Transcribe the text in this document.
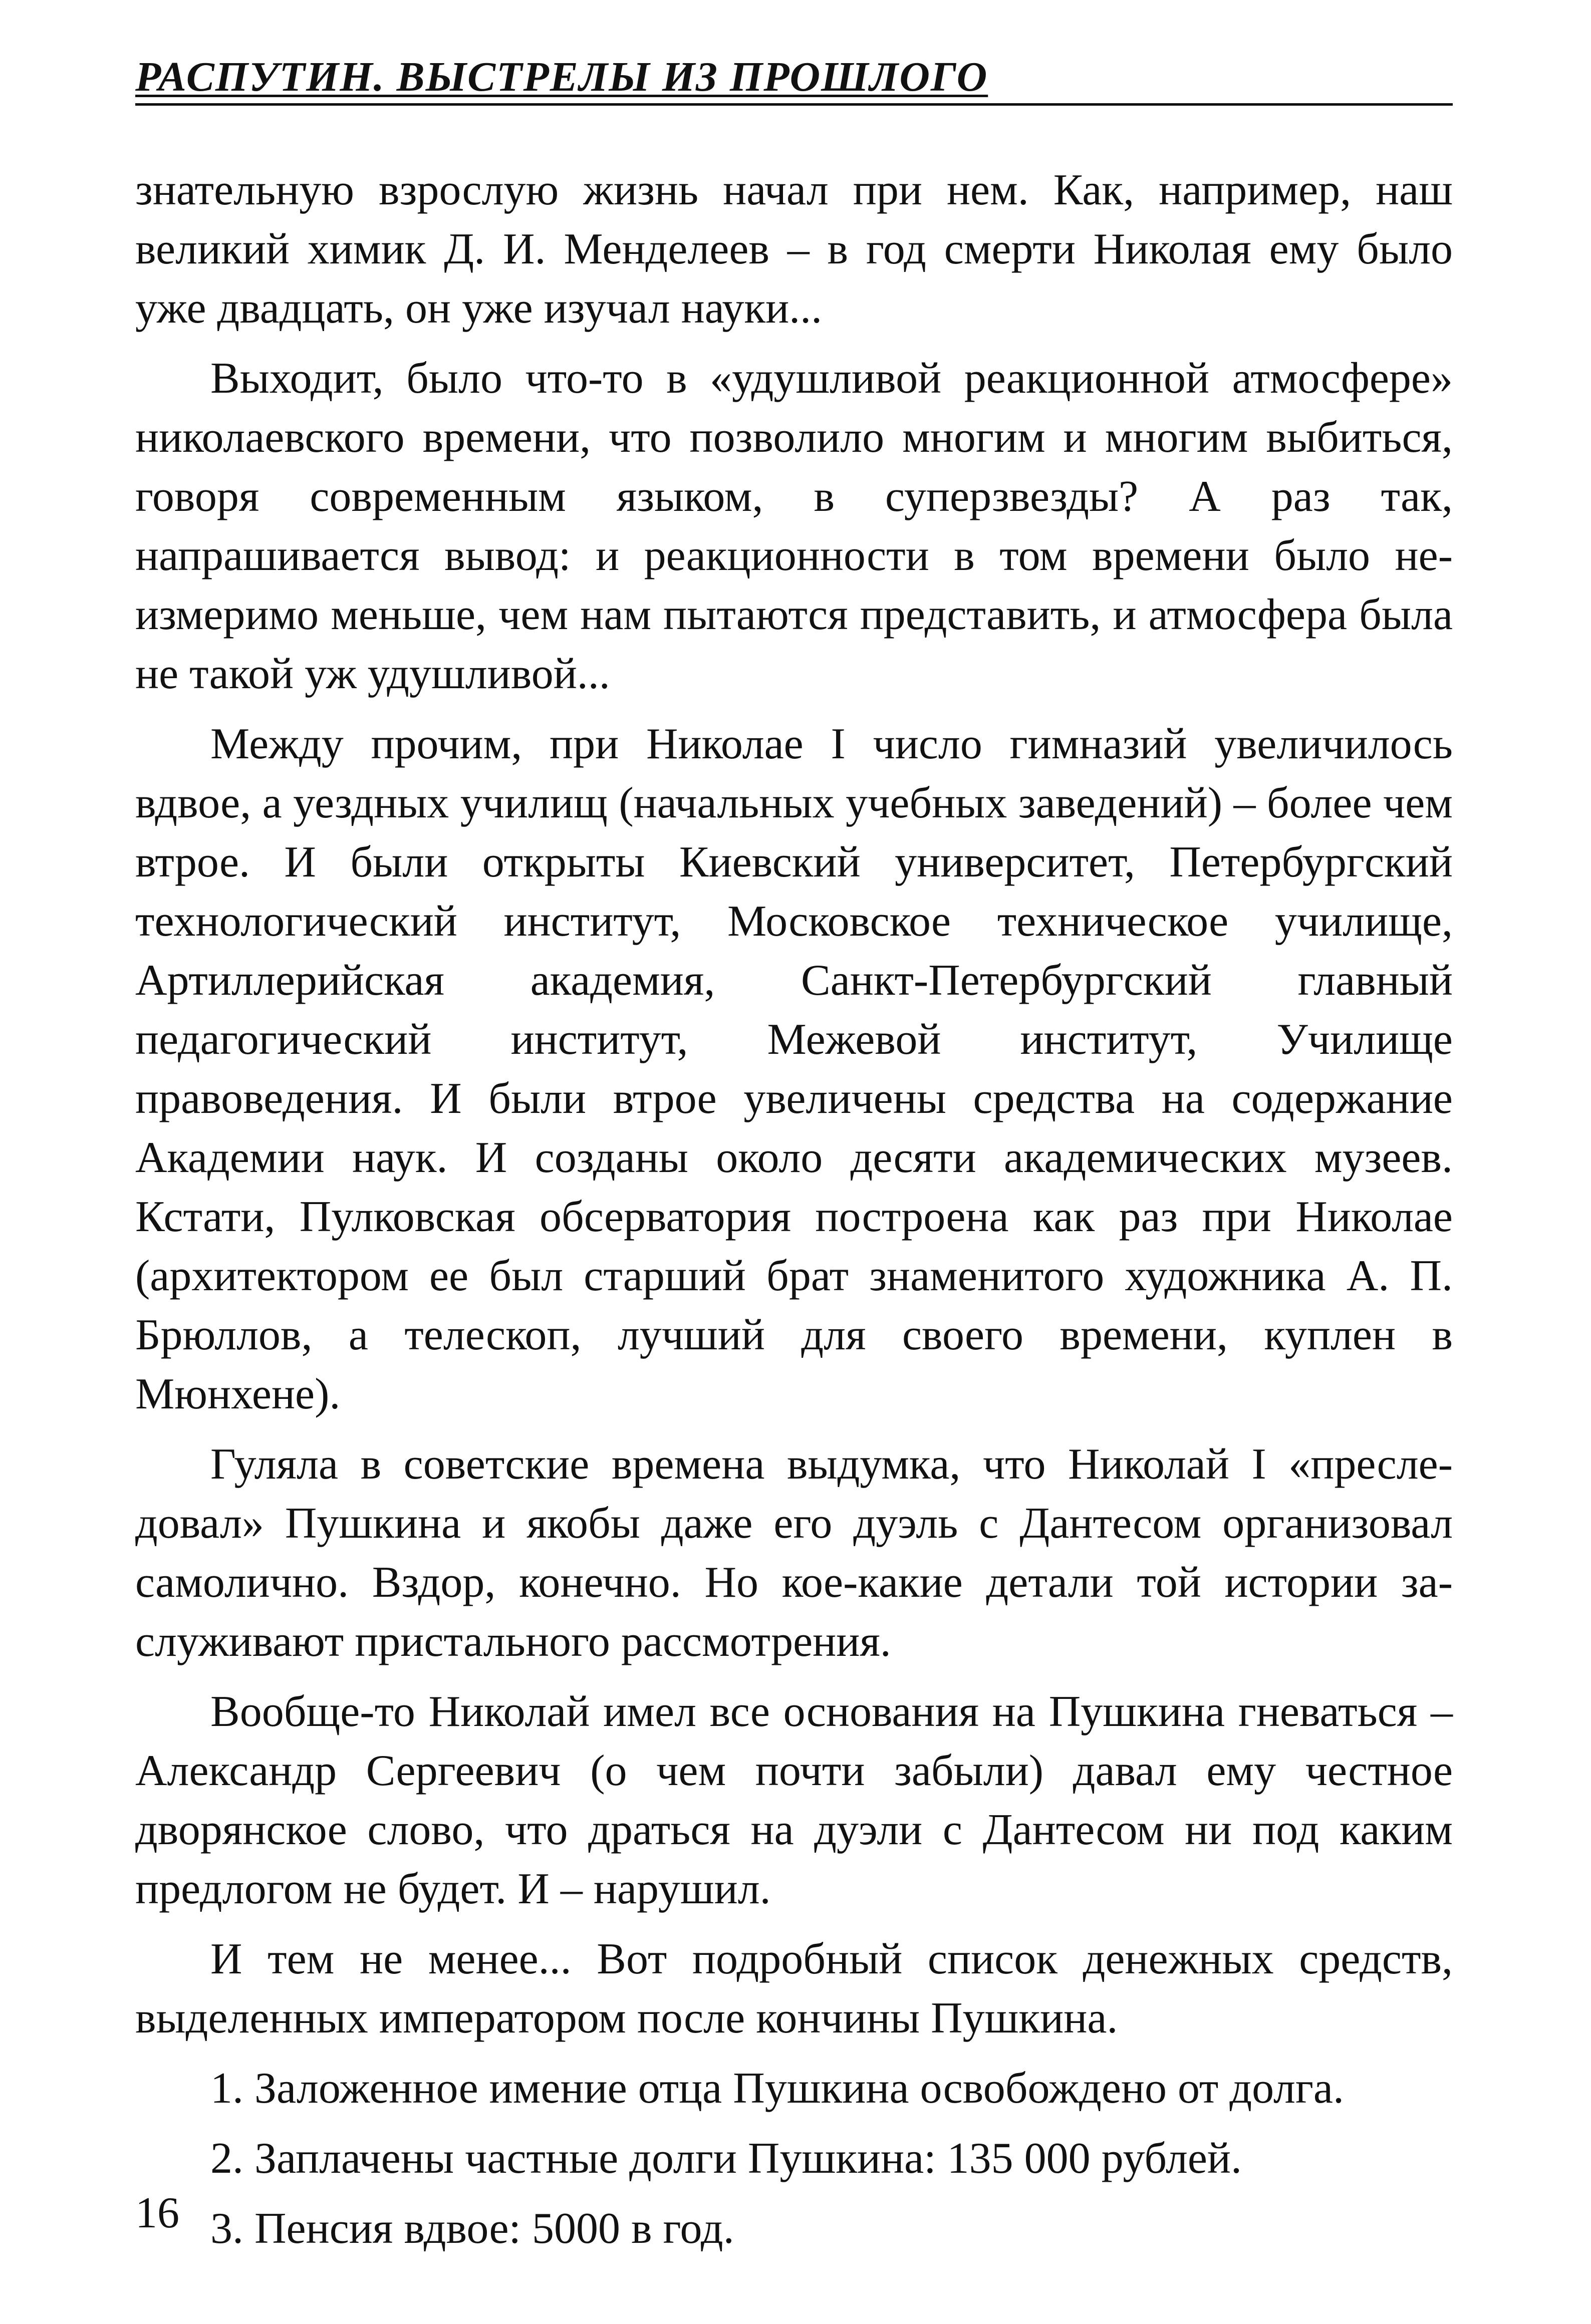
РАСПУТИН. ВЫСТРЕЛЫ ИЗ ПРОШЛОГО

знательную взрослую жизнь начал при нем. Как, например, наш великий химик Д. И. Менделеев – в год смерти Николая ему было уже двадцать, он уже изучал науки...

Выходит, было что-то в «удушливой реакционной атмосфере» николаевского времени, что позволило многим и многим выбиться, говоря современным языком, в суперзвезды? А раз так, напрашивается вывод: и реакционности в том времени было неизмеримо меньше, чем нам пытаются представить, и атмосфера была не такой уж удушливой...

Между прочим, при Николае I число гимназий увеличилось вдвое, а уездных училищ (начальных учебных заведений) – более чем втрое. И были открыты Киевский университет, Петербургский технологический институт, Московское техническое училище, Артиллерийская академия, Санкт-Петербургский главный педагогический институт, Межевой институт, Училище правоведения. И были втрое увеличены средства на содержание Академии наук. И созданы около десяти академических музеев. Кстати, Пулковская обсерватория построена как раз при Николае (архитектором ее был старший брат знаменитого художника А. П. Брюллов, а телескоп, лучший для своего времени, куплен в Мюнхене).

Гуляла в советские времена выдумка, что Николай I «преследовал» Пушкина и якобы даже его дуэль с Дантесом организовал самолично. Вздор, конечно. Но кое-какие детали той истории заслуживают пристального рассмотрения.

Вообще-то Николай имел все основания на Пушкина гневаться – Александр Сергеевич (о чем почти забыли) давал ему честное дворянское слово, что драться на дуэли с Дантесом ни под каким предлогом не будет. И – нарушил.

И тем не менее... Вот подробный список денежных средств, выделенных императором после кончины Пушкина.

1. Заложенное имение отца Пушкина освобождено от долга.
2. Заплачены частные долги Пушкина: 135 000 рублей.
3. Пенсия вдвое: 5000 в год.
16
